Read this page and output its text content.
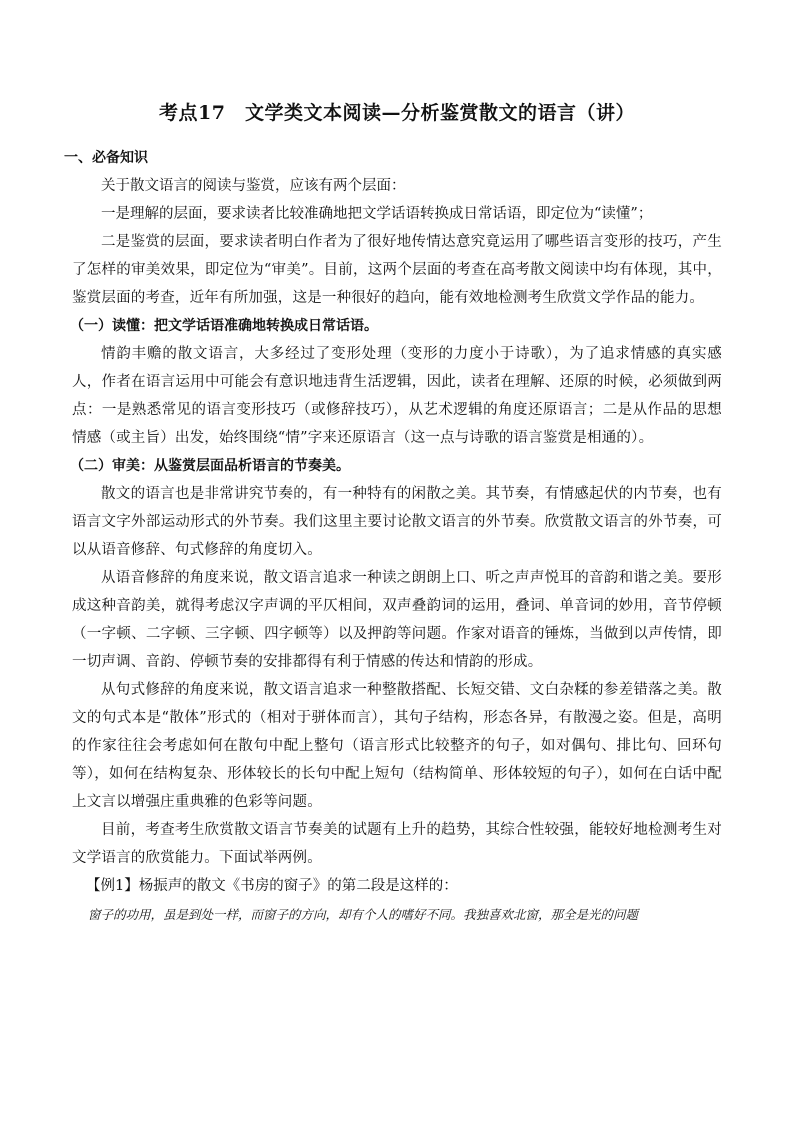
考点17　文学类文本阅读—分析鉴赏散文的语言（讲）
一、必备知识

关于散文语言的阅读与鉴赏，应该有两个层面：

一是理解的层面，要求读者比较准确地把文学话语转换成日常话语，即定位为“读懂”；

二是鉴赏的层面，要求读者明白作者为了很好地传情达意究竟运用了哪些语言变形的技巧，产生了怎样的审美效果，即定位为“审美”。目前，这两个层面的考查在高考散文阅读中均有体现，其中，鉴赏层面的考查，近年有所加强，这是一种很好的趋向，能有效地检测考生欣赏文学作品的能力。

（一）读懂：把文学话语准确地转换成日常话语。

情韵丰赡的散文语言，大多经过了变形处理（变形的力度小于诗歌），为了追求情感的真实感人，作者在语言运用中可能会有意识地违背生活逻辑，因此，读者在理解、还原的时候，必须做到两点：一是熟悉常见的语言变形技巧（或修辞技巧），从艺术逻辑的角度还原语言；二是从作品的思想情感（或主旨）出发，始终围绕“情”字来还原语言（这一点与诗歌的语言鉴赏是相通的）。

（二）审美：从鉴赏层面品析语言的节奏美。

散文的语言也是非常讲究节奏的，有一种特有的闲散之美。其节奏，有情感起伏的内节奏，也有语言文字外部运动形式的外节奏。我们这里主要讨论散文语言的外节奏。欣赏散文语言的外节奏，可以从语音修辞、句式修辞的角度切入。

从语音修辞的角度来说，散文语言追求一种读之朗朗上口、听之声声悦耳的音韵和谐之美。要形成这种音韵美，就得考虑汉字声调的平仄相间，双声叠韵词的运用，叠词、单音词的妙用，音节停顿（一字顿、二字顿、三字顿、四字顿等）以及押韵等问题。作家对语音的锤炼，当做到以声传情，即一切声调、音韵、停顿节奏的安排都得有利于情感的传达和情韵的形成。

从句式修辞的角度来说，散文语言追求一种整散搭配、长短交错、文白杂糅的参差错落之美。散文的句式本是“散体”形式的（相对于骈体而言），其句子结构，形态各异，有散漫之姿。但是，高明的作家往往会考虑如何在散句中配上整句（语言形式比较整齐的句子，如对偶句、排比句、回环句等），如何在结构复杂、形体较长的长句中配上短句（结构简单、形体较短的句子），如何在白话中配上文言以增强庄重典雅的色彩等问题。

目前，考查考生欣赏散文语言节奏美的试题有上升的趋势，其综合性较强，能较好地检测考生对文学语言的欣赏能力。下面试举两例。

【例1】杨振声的散文《书房的窗子》的第二段是这样的：
窗子的功用，虽是到处一样，而窗子的方向，却有个人的嗜好不同。我独喜欢北窗，那全是光的问题
